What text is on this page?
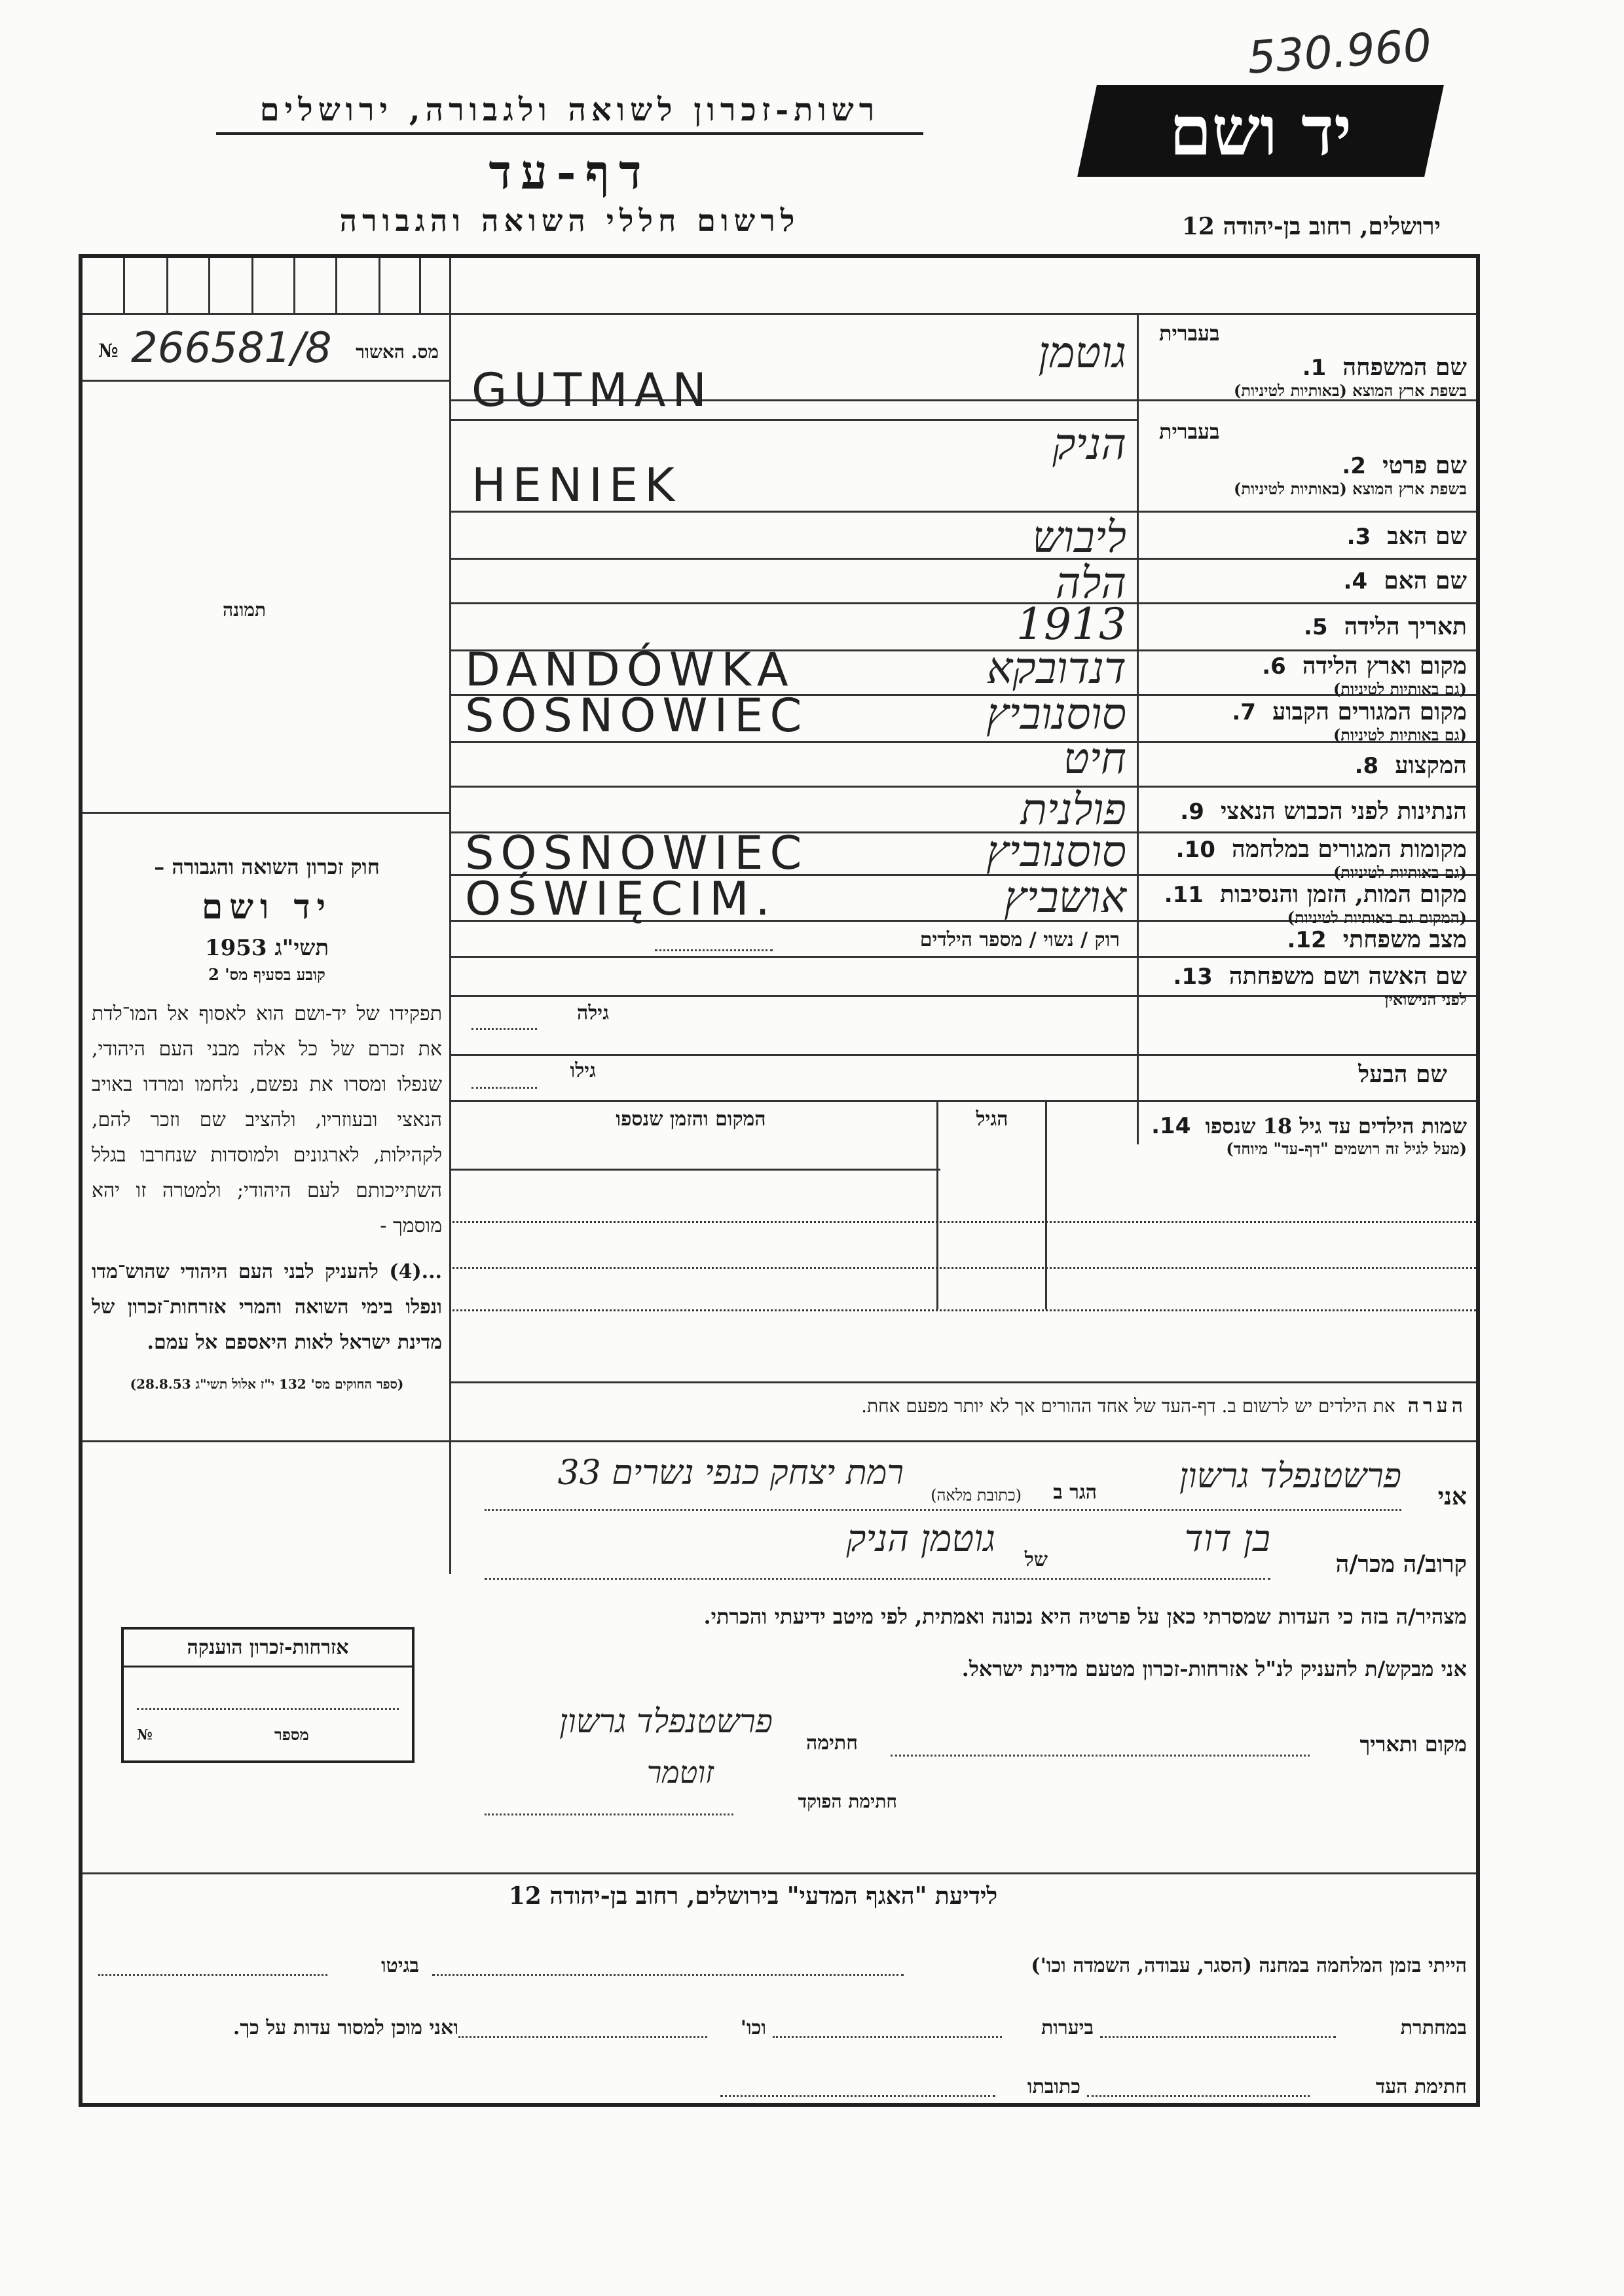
530.960
יד ושם
רשות-זכרון לשואה ולגבורה, ירושלים
דף-עד
לרשום חללי השואה והגבורה	ירושלים, רחוב בן-יהודה 12
№ 266581/8 מס. האשור
תמונה
חוק זכרון השואה והגבורה –
יד ושם
תשי"ג 1953
קובע בסעיף מס' 2
תפקידו של יד-ושם הוא לאסוף אל המו־לדת את זכרם של כל אלה מבני העם היהודי, שנפלו ומסרו את נפשם, נלחמו ומרדו באויב הנאצי ובעוזריו, ולהציב שם וזכר להם, לקהילות, לארגונים ולמוסדות שנחרבו בגלל השתייכותם לעם היהודי; ולמטרה זו יהא מוסמך -
...(4) להעניק לבני העם היהודי שהוש־מדו ונפלו בימי השואה והמרי אזרחות־זכרון של מדינת ישראל לאות היאספם אל עמם.
(ספר החוקים מס' 132 י"ז אלול תשי"ג 28.8.53)
בעברית
שם המשפחה  1.
בשפת ארץ המוצא (באותיות לטיניות)
גוטמן
GUTMAN
בעברית
שם פרטי  2.
בשפת ארץ המוצא (באותיות לטיניות)
הניק
HENIEK
שם האב  3.
ליבוש
שם האם  4.
הלה
תאריך הלידה  5.
1913
מקום וארץ הלידה  6.
(גם באותיות לטיניות)
דנדובקא
DANDÓWKA
מקום המגורים הקבוע  7.
(גם באותיות לטיניות)
סוסנוביץ
SOSNOWIEC
המקצוע  8.
חיט
הנתינות לפני הכבוש הנאצי  9.
פולנית
מקומות המגורים במלחמה  10.
(גם באותיות לטיניות)
סוסנוביץ
SOSNOWIEC
מקום המות, הזמן והנסיבות  11.
(המקום גם באותיות לטיניות)
אושביץ
OŚWIĘCIM.
מצב משפחתי  12.
רוק / נשוי / מספר הילדים
שם האשה ושם משפחתה  13.
לפני הנישואין
גילה
שם הבעל
גילו
שמות הילדים עד גיל 18 שנספו  14.
(מעל לגיל זה רושמים "דף-עד" מיוחד)
הגיל
המקום והזמן שנספו
הערה את הילדים יש לרשום ב. דף-העד של אחד ההורים אך לא יותר מפעם אחת.
אני
פרשטנפלד גרשון
הגר ב
(כתובת מלאה)
רמת יצחק כנפי נשרים 33
קרוב/ה מכר/ה
בן דוד
של
גוטמן הניק
מצהיר/ה בזה כי העדות שמסרתי כאן על פרטיה היא נכונה ואמתית, לפי מיטב ידיעתי והכרתי.
אני מבקש/ת להעניק לנ"ל אזרחות-זכרון מטעם מדינת ישראל.
מקום ותאריך
חתימה
פרשטנפלד גרשון
זוטמר
חתימת הפוקד
אזרחות-זכרון הוענקה
№	מספר
לידיעת "האגף המדעי" בירושלים, רחוב בן-יהודה 12
הייתי בזמן המלחמה במחנה (הסגר, עבודה, השמדה וכו')
בגיטו
במחתרת
ביערות
וכו'
ואני מוכן למסור עדות על כך.
חתימת העד
כתובתו
